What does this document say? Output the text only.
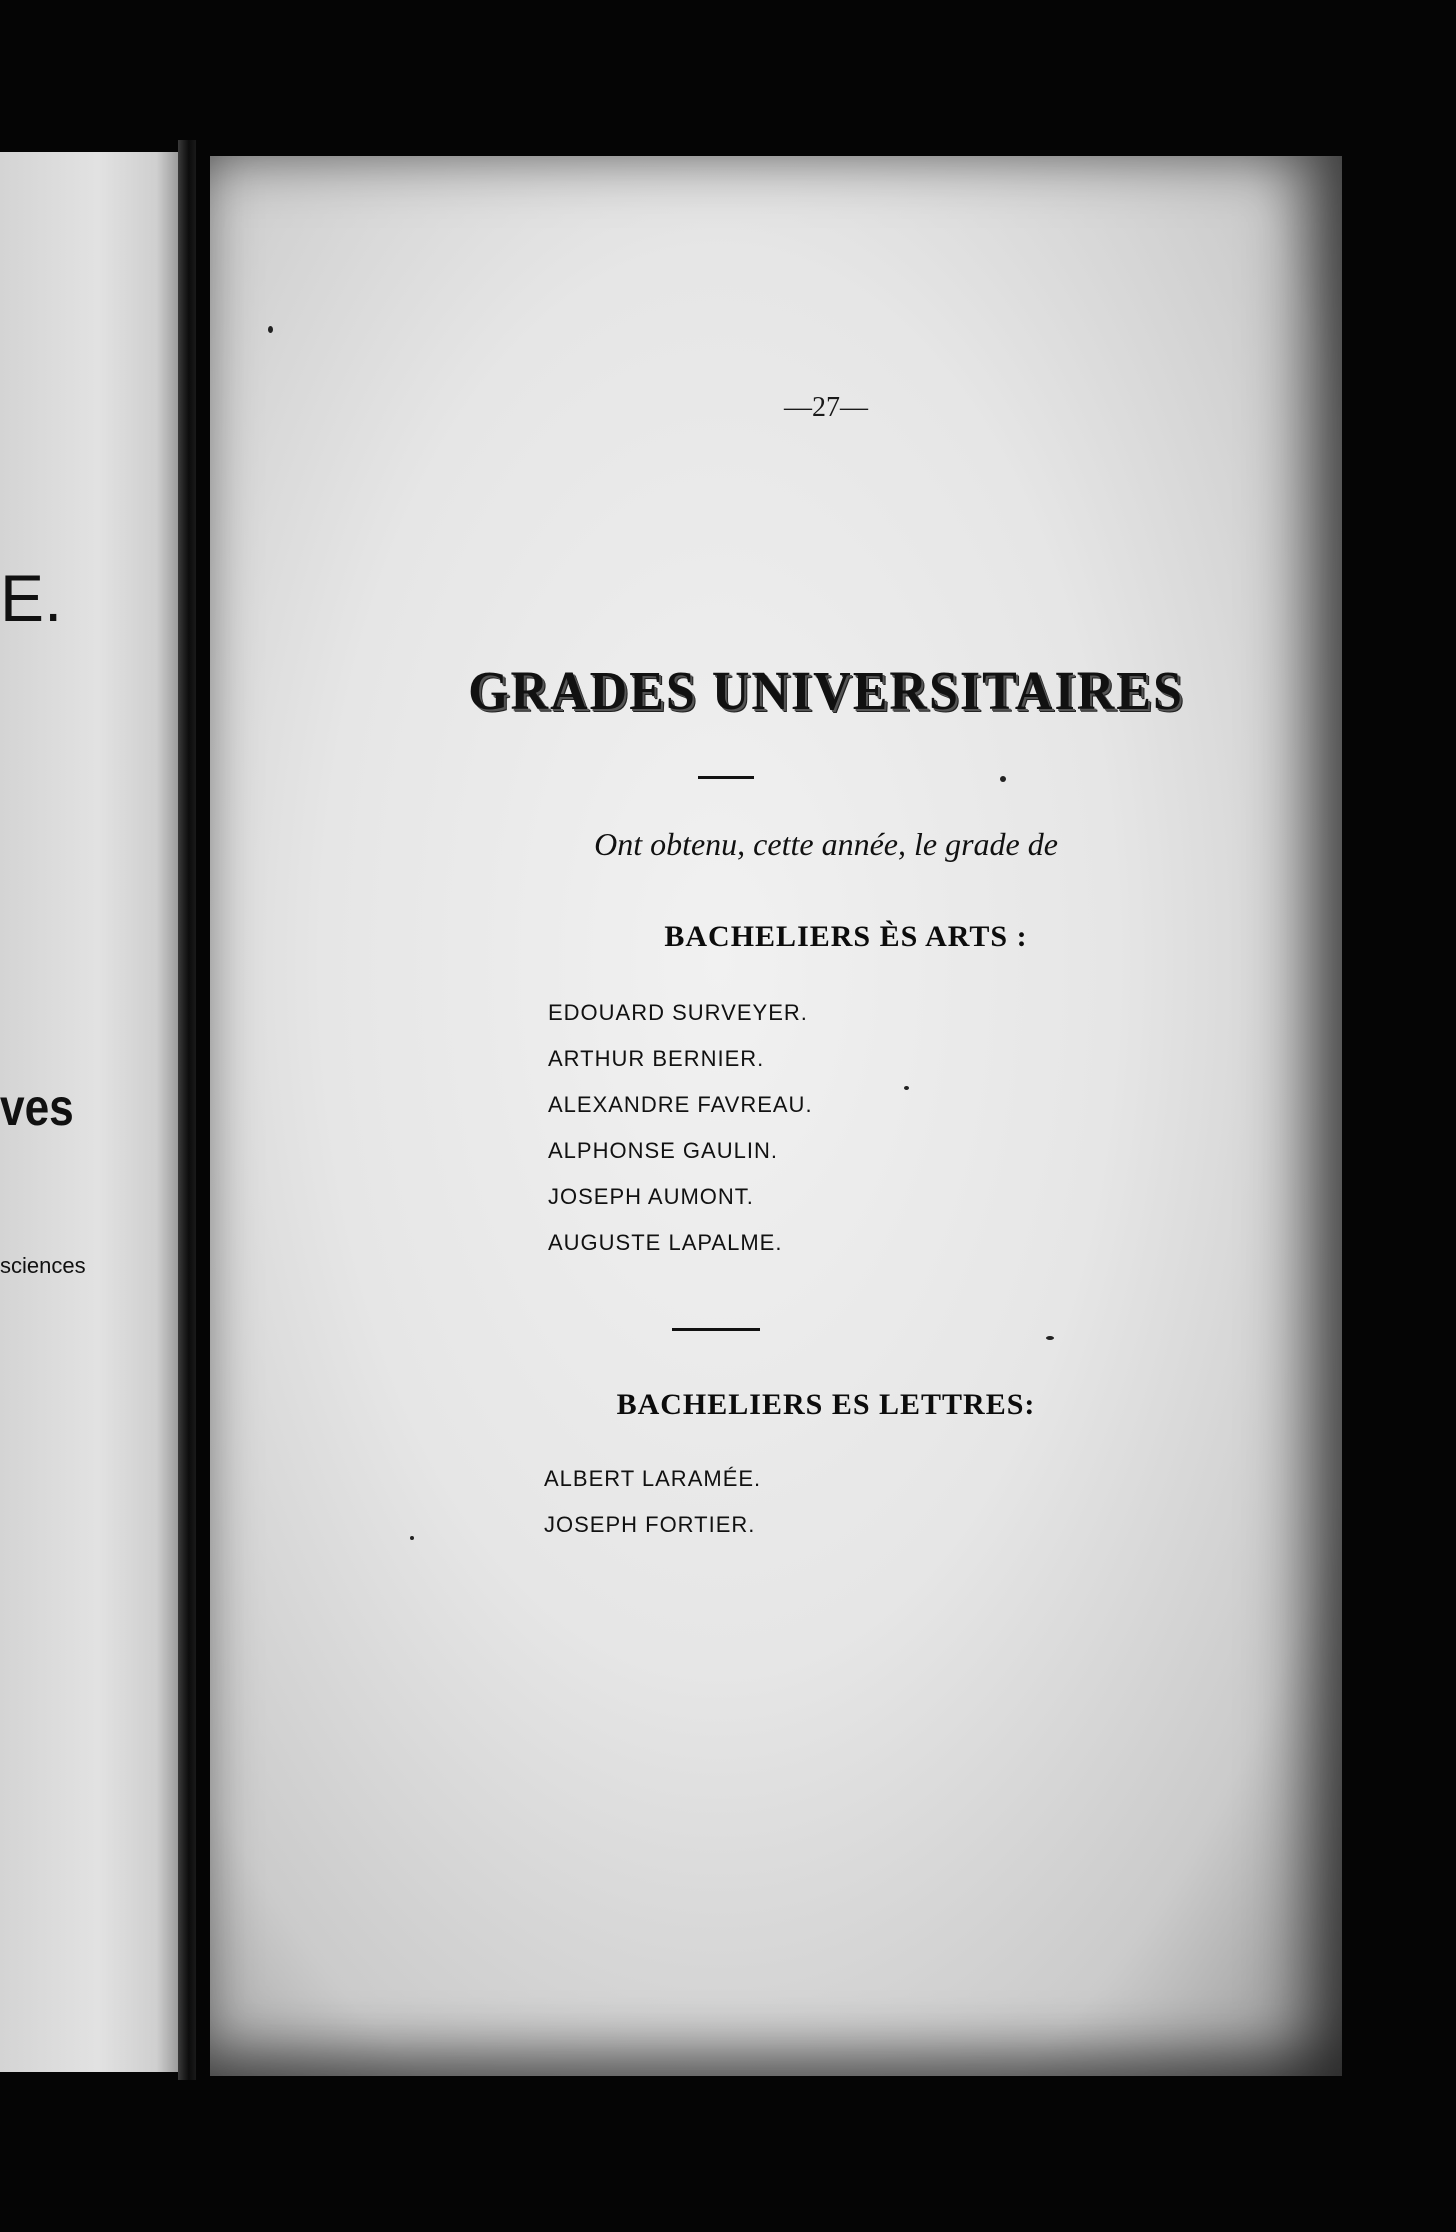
E.
ves
sciences
—27—
GRADES UNIVERSITAIRES
Ont obtenu, cette année, le grade de
BACHELIERS ÈS ARTS :
EDOUARD SURVEYER.
ARTHUR BERNIER.
ALEXANDRE FAVREAU.
ALPHONSE GAULIN.
JOSEPH AUMONT.
AUGUSTE LAPALME.
BACHELIERS ES LETTRES:
ALBERT LARAMÉE.
JOSEPH FORTIER.
